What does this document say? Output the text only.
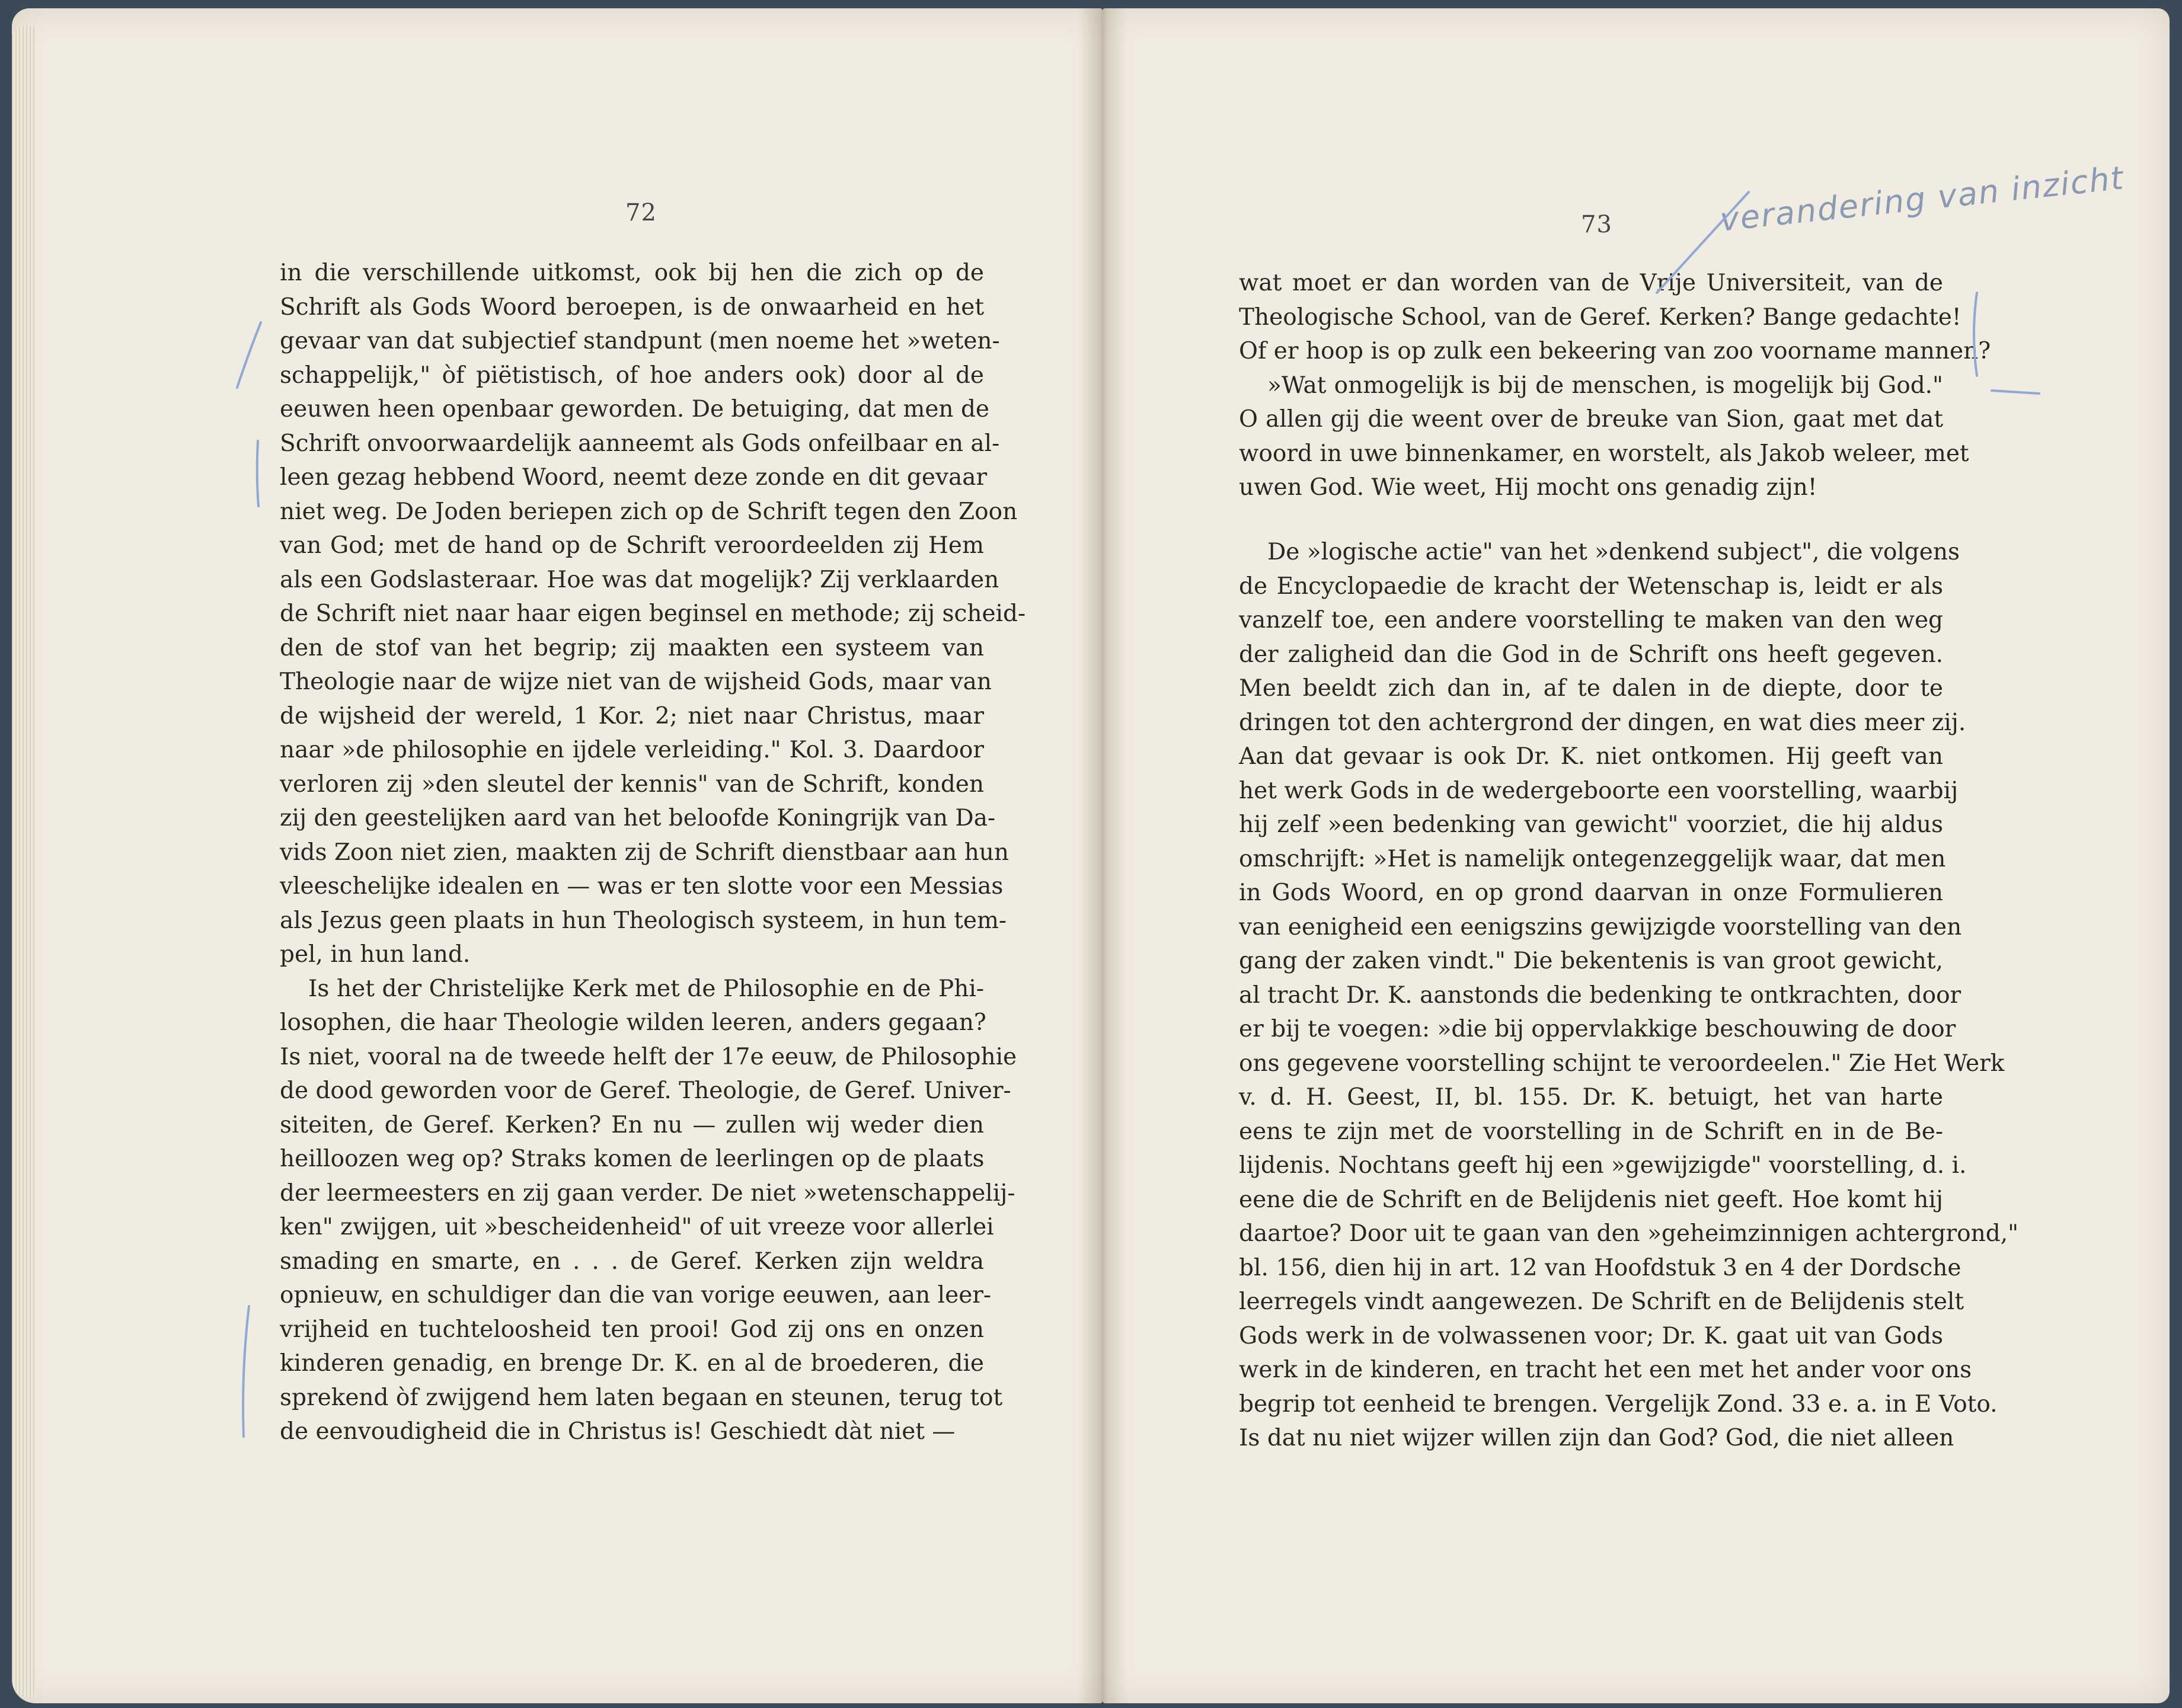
72	73
in die verschillende uitkomst, ook bij hen die zich op de
Schrift als Gods Woord beroepen, is de onwaarheid en het
gevaar van dat subjectief standpunt (men noeme het »weten-
schappelijk," òf piëtistisch, of hoe anders ook) door al de
eeuwen heen openbaar geworden. De betuiging, dat men de
Schrift onvoorwaardelijk aanneemt als Gods onfeilbaar en al-
leen gezag hebbend Woord, neemt deze zonde en dit gevaar
niet weg. De Joden beriepen zich op de Schrift tegen den Zoon
van God; met de hand op de Schrift veroordeelden zij Hem
als een Godslasteraar. Hoe was dat mogelijk? Zij verklaarden
de Schrift niet naar haar eigen beginsel en methode; zij scheid-
den de stof van het begrip; zij maakten een systeem van
Theologie naar de wijze niet van de wijsheid Gods, maar van
de wijsheid der wereld, 1 Kor. 2; niet naar Christus, maar
naar »de philosophie en ijdele verleiding." Kol. 3. Daardoor
verloren zij »den sleutel der kennis" van de Schrift, konden
zij den geestelijken aard van het beloofde Koningrijk van Da-
vids Zoon niet zien, maakten zij de Schrift dienstbaar aan hun
vleeschelijke idealen en — was er ten slotte voor een Messias
als Jezus geen plaats in hun Theologisch systeem, in hun tem-
pel, in hun land.
Is het der Christelijke Kerk met de Philosophie en de Phi-
losophen, die haar Theologie wilden leeren, anders gegaan?
Is niet, vooral na de tweede helft der 17e eeuw, de Philosophie
de dood geworden voor de Geref. Theologie, de Geref. Univer-
siteiten, de Geref. Kerken? En nu — zullen wij weder dien
heilloozen weg op? Straks komen de leerlingen op de plaats
der leermeesters en zij gaan verder. De niet »wetenschappelij-
ken" zwijgen, uit »bescheidenheid" of uit vreeze voor allerlei
smading en smarte, en . . . de Geref. Kerken zijn weldra
opnieuw, en schuldiger dan die van vorige eeuwen, aan leer-
vrijheid en tuchteloosheid ten prooi! God zij ons en onzen
kinderen genadig, en brenge Dr. K. en al de broederen, die
sprekend òf zwijgend hem laten begaan en steunen, terug tot
de eenvoudigheid die in Christus is! Geschiedt dàt niet —
wat moet er dan worden van de Vrije Universiteit, van de
Theologische School, van de Geref. Kerken? Bange gedachte!
Of er hoop is op zulk een bekeering van zoo voorname mannen?
»Wat onmogelijk is bij de menschen, is mogelijk bij God."
O allen gij die weent over de breuke van Sion, gaat met dat
woord in uwe binnenkamer, en worstelt, als Jakob weleer, met
uwen God. Wie weet, Hij mocht ons genadig zijn!
De »logische actie" van het »denkend subject", die volgens
de Encyclopaedie de kracht der Wetenschap is, leidt er als
vanzelf toe, een andere voorstelling te maken van den weg
der zaligheid dan die God in de Schrift ons heeft gegeven.
Men beeldt zich dan in, af te dalen in de diepte, door te
dringen tot den achtergrond der dingen, en wat dies meer zij.
Aan dat gevaar is ook Dr. K. niet ontkomen. Hij geeft van
het werk Gods in de wedergeboorte een voorstelling, waarbij
hij zelf »een bedenking van gewicht" voorziet, die hij aldus
omschrijft: »Het is namelijk ontegenzeggelijk waar, dat men
in Gods Woord, en op grond daarvan in onze Formulieren
van eenigheid een eenigszins gewijzigde voorstelling van den
gang der zaken vindt." Die bekentenis is van groot gewicht,
al tracht Dr. K. aanstonds die bedenking te ontkrachten, door
er bij te voegen: »die bij oppervlakkige beschouwing de door
ons gegevene voorstelling schijnt te veroordeelen." Zie Het Werk
v. d. H. Geest, II, bl. 155. Dr. K. betuigt, het van harte
eens te zijn met de voorstelling in de Schrift en in de Be-
lijdenis. Nochtans geeft hij een »gewijzigde" voorstelling, d. i.
eene die de Schrift en de Belijdenis niet geeft. Hoe komt hij
daartoe? Door uit te gaan van den »geheimzinnigen achtergrond,"
bl. 156, dien hij in art. 12 van Hoofdstuk 3 en 4 der Dordsche
leerregels vindt aangewezen. De Schrift en de Belijdenis stelt
Gods werk in de volwassenen voor; Dr. K. gaat uit van Gods
werk in de kinderen, en tracht het een met het ander voor ons
begrip tot eenheid te brengen. Vergelijk Zond. 33 e. a. in E Voto.
Is dat nu niet wijzer willen zijn dan God? God, die niet alleen
verandering van inzicht
